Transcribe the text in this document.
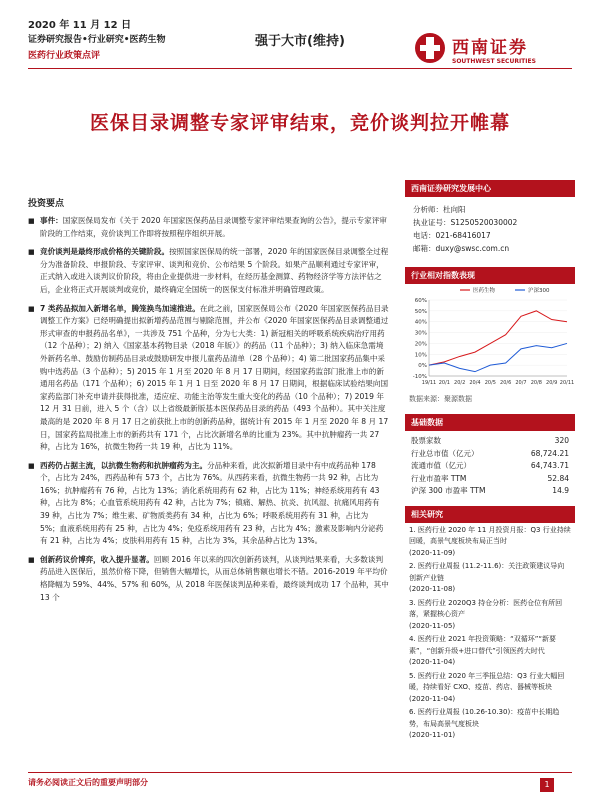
2020 年 11 月 12 日
证券研究报告•行业研究•医药生物
医药行业政策点评
强于大市(维持)	西南证券
SOUTHWEST SECURITIES
医保目录调整专家评审结束，竞价谈判拉开帷幕
投资要点
■ 事件：国家医保局发布《关于 2020 年国家医保药品目录调整专家评审结果查询的公告》，提示专家评审阶段的工作结束，竞价谈判工作即将按照程序组织开展。
■ 竞价谈判是最终形成价格的关键阶段。按照国家医保局的统一部署，2020 年的国家医保目录调整全过程分为准备阶段、申报阶段、专家评审、谈判和竞价、公布结果 5 个阶段。如果产品顺利通过专家评审，正式纳入或进入谈判议价阶段，将由企业提供进一步材料，在经历基金测算、药物经济学等方法评估之后，企业将正式开展谈判或竞价，最终确定全国统一的医保支付标准并明确管理政策。
■ 7 类药品拟加入新增名单，腾笼换鸟加速推进。在此之前，国家医保局公布《2020 年国家医保药品目录调整工作方案》已经明确提出拟新增药品范围与剔除范围，并公布《2020 年国家医保药品目录调整通过形式审查的申报药品名单》，一共涉及 751 个品种，分为七大类：1) 新冠相关的呼吸系统疾病治疗用药（12 个品种）；2) 纳入《国家基本药物目录（2018 年版）》的药品（11 个品种）；3) 纳入临床急需境外新药名单、鼓励仿制药品目录或鼓励研发申报儿童药品清单（28 个品种）；4) 第二批国家药品集中采购中选药品（3 个品种）；5) 2015 年 1 月至 2020 年 8 月 17 日期间，经国家药监部门批准上市的新通用名药品（171 个品种）；6) 2015 年 1 月 1 日至 2020 年 8 月 17 日期间，根据临床试验结果向国家药监部门补充申请并获得批准，适应症、功能主治等发生重大变化的药品（10 个品种）；7) 2019 年 12 月 31 日前，进入 5 个（含）以上省级最新版基本医保药品目录的药品（493 个品种）。其中关注度最高的是 2020 年 8 月 17 日之前获批上市的创新药品种，据统计有 2015 年 1 月至 2020 年 8 月 17 日，国家药监局批准上市的新药共有 171 个，占比次新增名单的比重为 23%。其中抗肿瘤药一共 27 种，占比为 16%，抗微生物药一共 19 种，占比为 11%。
■ 西药仍占据主流，以抗微生物药和抗肿瘤药为主。分品种来看，此次拟新增目录中有中成药品种 178 个，占比为 24%，西药品种有 573 个，占比为 76%。从西药来看，抗微生物药一共 92 种，占比为 16%；抗肿瘤药有 76 种，占比为 13%；消化系统用药有 62 种，占比为 11%；神经系统用药有 43 种，占比为 8%；心血管系统用药有 42 种，占比为 7%；镇痛、解热、抗炎、抗风湿、抗痛风用药有 39 种，占比为 7%；维生素、矿物质类药有 34 种，占比为 6%；呼吸系统用药有 31 种，占比为 5%；血液系统用药有 25 种，占比为 4%；免疫系统用药有 23 种，占比为 4%；激素及影响内分泌药有 21 种，占比为 4%；皮肤科用药有 15 种，占比为 3%，其余品种占比为 13%。
■ 创新药议价博弈，收入提升显著。回顾 2016 年以来的四次创新药谈判，从谈判结果来看，大多数谈判药品进入医保后，虽然价格下降，但销售大幅增长，从而总体销售额也增长不错。2016-2019 年平均价格降幅为 59%、44%、57% 和 60%，从 2018 年医保谈判品种来看，最终谈判成功 17 个品种，其中 13 个
西南证券研究发展中心
分析师：杜向阳
执业证号：S1250520030002
电话：021-68416017
邮箱：duxy@swsc.com.cn
行业相对指数表现
60%
50%
40%
30%
20%
10%
0%
-10%
19/11 20/1 20/2 20/4 20/5 20/6 20/7 20/8 20/9 20/11
医药生物	沪深300
数据来源：聚源数据
基础数据
股票家数	320
行业总市值（亿元）	68,724.21
流通市值（亿元）	64,743.71
行业市盈率 TTM	52.84
沪深 300 市盈率 TTM	14.9
相关研究
1. 医药行业 2020 年 11 月投资月报：Q3 行业持续回暖，高景气度板块布局正当时
(2020-11-09)
2. 医药行业周报 (11.2-11.6)：关注政策建议导向创新产业链
(2020-11-08)
3. 医药行业 2020Q3 持仓分析：医药仓位有所回落，紧握核心资产
(2020-11-05)
4. 医药行业 2021 年投资策略：“双循环”“新要素”，“创新升级+进口替代”引领医药大时代
(2020-11-04)
5. 医药行业 2020 年三季报总结：Q3 行业大幅回暖，持续看好 CXO、疫苗、药店、器械等板块
(2020-11-04)
6. 医药行业周报 (10.26-10.30)：疫苗中长期趋势，布局高景气度板块
(2020-11-01)
请务必阅读正文后的重要声明部分	1
